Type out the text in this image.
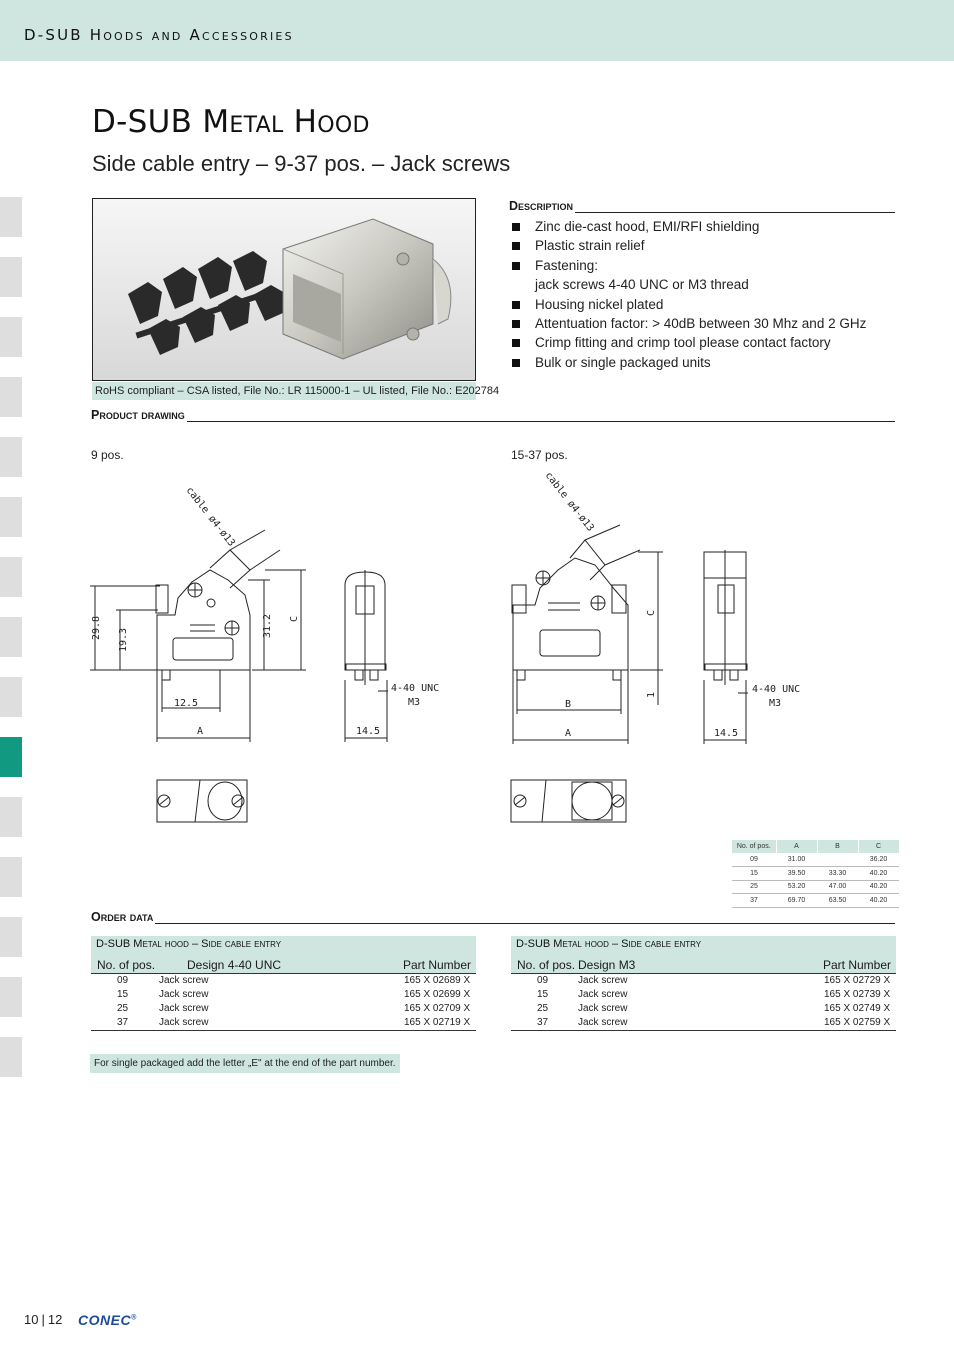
D-SUB Hoods and Accessories
D-SUB Metal Hood
Side cable entry – 9-37 pos. – Jack screws
RoHS compliant – CSA listed, File No.: LR 115000-1 – UL listed, File No.: E202784
Description
Zinc die-cast hood, EMI/RFI shielding
Plastic strain relief
Fastening:
jack screws 4-40 UNC or M3 thread
Housing nickel plated
Attentuation factor: > 40dB between 30 Mhz and 2 GHz
Crimp fitting and crimp tool please contact factory
Bulk or single packaged units
Product drawing
9 pos.	15-37 pos.
cable ø4-ø13
29.8 19.3
31.2 C
12.5
A
4-40 UNC
M3
14.5
cable ø4-ø13
C
1
B
A
4-40 UNC
M3
14.5
No. of pos.	A	B	C
09	31.00		36.20
15	39.50	33.30	40.20
25	53.20	47.00	40.20
37	69.70	63.50	40.20
Order data
D-SUB Metal hood – Side cable entry
No. of pos.	Design 4-40 UNC	Part Number
09	Jack screw	165 X 02689 X
15	Jack screw	165 X 02699 X
25	Jack screw	165 X 02709 X
37	Jack screw	165 X 02719 X
D-SUB Metal hood – Side cable entry
No. of pos. Design M3	Part Number
09	Jack screw	165 X 02729 X
15	Jack screw	165 X 02739 X
25	Jack screw	165 X 02749 X
37	Jack screw	165 X 02759 X
For single packaged add the letter „E" at the end of the part number.
10 | 12 CONEC®
